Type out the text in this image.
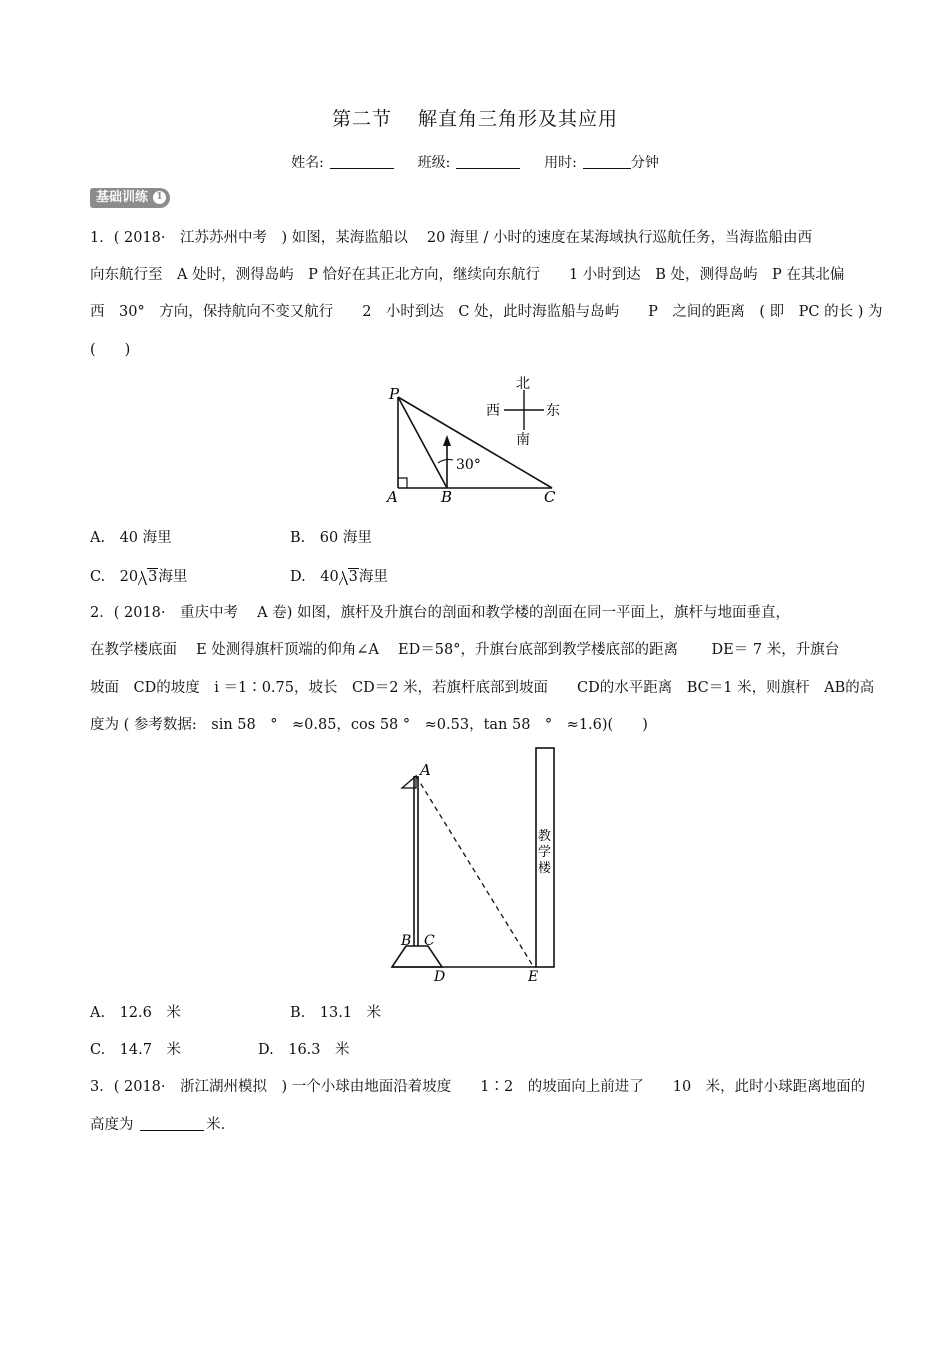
第二节 解直角三角形及其应用
姓名:	班级:	用时:	分钟
基础训练 1
1．( 2018·　江苏苏州中考　) 如图，某海监船以　 20 海里 / 小时的速度在某海域执行巡航任务，当海监船由西
向东航行至　A 处时，测得岛屿　P 恰好在其正北方向，继续向东航行　　1 小时到达　B 处，测得岛屿　P 在其北偏
西　30°　方向，保持航向不变又航行　　2　小时到达　C 处，此时海监船与岛屿　　P　之间的距离　( 即　PC 的长 ) 为
(　　)
P
A	B	C
30°
北
南
西	东
A.　40 海里	B.　60 海里
C.　20 3海里	D.　40 3海里
2．( 2018·　重庆中考　 A 卷) 如图，旗杆及升旗台的剖面和教学楼的剖面在同一平面上，旗杆与地面垂直，
在教学楼底面　 E 处测得旗杆顶端的仰角∠A　 ED＝58°，升旗台底部到教学楼底部的距离　　 DE＝ 7 米，升旗台
坡面　CD的坡度　i ＝1∶0.75，坡长　CD＝2 米，若旗杆底部到坡面　　CD的水平距离　BC＝1 米，则旗杆　AB的高
度为 ( 参考数据:　sin 58　°　≈0.85，cos 58 °　≈0.53，tan 58　°　≈1.6)(　　)
A
B C
D	E
教
学
楼
A.　12.6　米	B.　13.1　米
C.　14.7　米	D.　16.3　米
3．( 2018·　浙江湖州模拟　) 一个小球由地面沿着坡度　　1∶2　的坡面向上前进了　　10　米，此时小球距离地面的
高度为	米.
